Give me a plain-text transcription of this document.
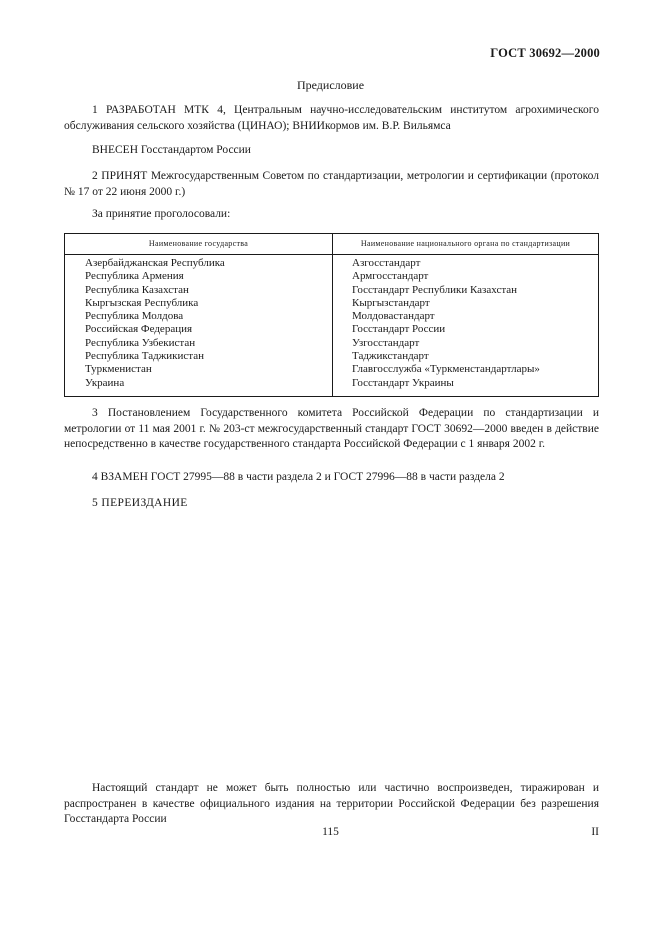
ГОСТ 30692—2000
Предисловие
1 РАЗРАБОТАН МТК 4, Центральным научно-исследовательским институтом агрохимического обслуживания сельского хозяйства (ЦИНАО); ВНИИкормов им. В.Р. Вильямса
ВНЕСЕН Госстандартом России
2 ПРИНЯТ Межгосударственным Советом по стандартизации, метрологии и сертификации (протокол № 17 от 22 июня 2000 г.)
За принятие проголосовали:
Наименование государства	Наименование национального органа по стандартизации
Азербайджанская Республика
Республика Армения
Республика Казахстан
Кыргызская Республика
Республика Молдова
Российская Федерация
Республика Узбекистан
Республика Таджикистан
Туркменистан
Украина
Азгосстандарт
Армгосстандарт
Госстандарт Республики Казахстан
Кыргызстандарт
Молдовастандарт
Госстандарт России
Узгосстандарт
Таджикстандарт
Главгосслужба «Туркменстандартлары»
Госстандарт Украины
3 Постановлением Государственного комитета Российской Федерации по стандартизации и метрологии от 11 мая 2001 г. № 203-ст межгосударственный стандарт ГОСТ 30692—2000 введен в действие непосредственно в качестве государственного стандарта Российской Федерации с 1 января 2002 г.
4 ВЗАМЕН ГОСТ 27995—88 в части раздела 2 и ГОСТ 27996—88 в части раздела 2
5 ПЕРЕИЗДАНИЕ
Настоящий стандарт не может быть полностью или частично воспроизведен, тиражирован и распространен в качестве официального издания на территории Российской Федерации без разрешения Госстандарта России
115	II
